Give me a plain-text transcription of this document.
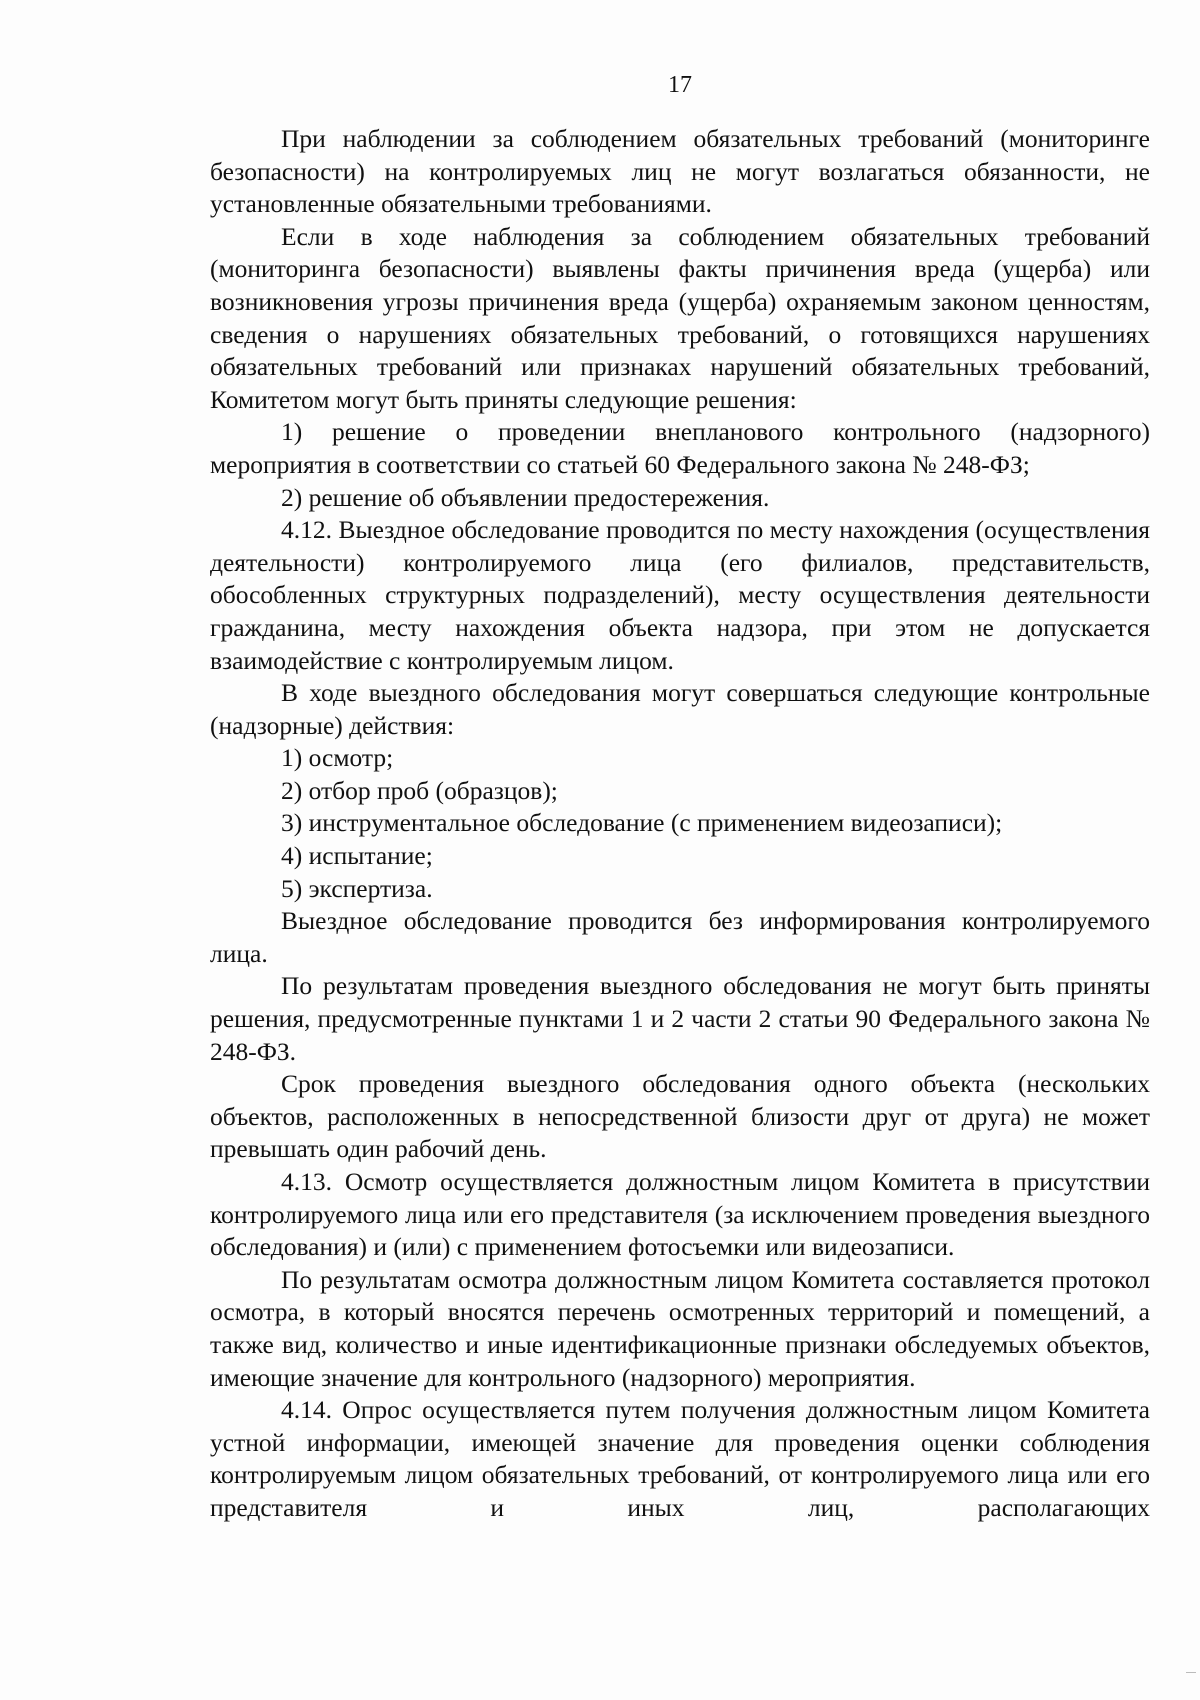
17

При наблюдении за соблюдением обязательных требований (мониторинге безопасности) на контролируемых лиц не могут возлагаться обязанности, не установленные обязательными требованиями.

Если в ходе наблюдения за соблюдением обязательных требований (мониторинга безопасности) выявлены факты причинения вреда (ущерба) или возникновения угрозы причинения вреда (ущерба) охраняемым законом ценностям, сведения о нарушениях обязательных требований, о готовящихся нарушениях обязательных требований или признаках нарушений обязательных требований, Комитетом могут быть приняты следующие решения:

1) решение о проведении внепланового контрольного (надзорного) мероприятия в соответствии со статьей 60 Федерального закона № 248-ФЗ;

2) решение об объявлении предостережения.

4.12. Выездное обследование проводится по месту нахождения (осуществления деятельности) контролируемого лица (его филиалов, представительств, обособленных структурных подразделений), месту осуществления деятельности гражданина, месту нахождения объекта надзора, при этом не допускается взаимодействие с контролируемым лицом.

В ходе выездного обследования могут совершаться следующие контрольные (надзорные) действия:

1) осмотр;

2) отбор проб (образцов);

3) инструментальное обследование (с применением видеозаписи);

4) испытание;

5) экспертиза.

Выездное обследование проводится без информирования контролируемого лица.

По результатам проведения выездного обследования не могут быть приняты решения, предусмотренные пунктами 1 и 2 части 2 статьи 90 Федерального закона № 248-ФЗ.

Срок проведения выездного обследования одного объекта (нескольких объектов, расположенных в непосредственной близости друг от друга) не может превышать один рабочий день.

4.13. Осмотр осуществляется должностным лицом Комитета в присутствии контролируемого лица или его представителя (за исключением проведения выездного обследования) и (или) с применением фотосъемки или видеозаписи.

По результатам осмотра должностным лицом Комитета составляется протокол осмотра, в который вносятся перечень осмотренных территорий и помещений, а также вид, количество и иные идентификационные признаки обследуемых объектов, имеющие значение для контрольного (надзорного) мероприятия.

4.14. Опрос осуществляется путем получения должностным лицом Комитета устной информации, имеющей значение для проведения оценки соблюдения контролируемым лицом обязательных требований, от контролируемого лица или его представителя и иных лиц, располагающих
